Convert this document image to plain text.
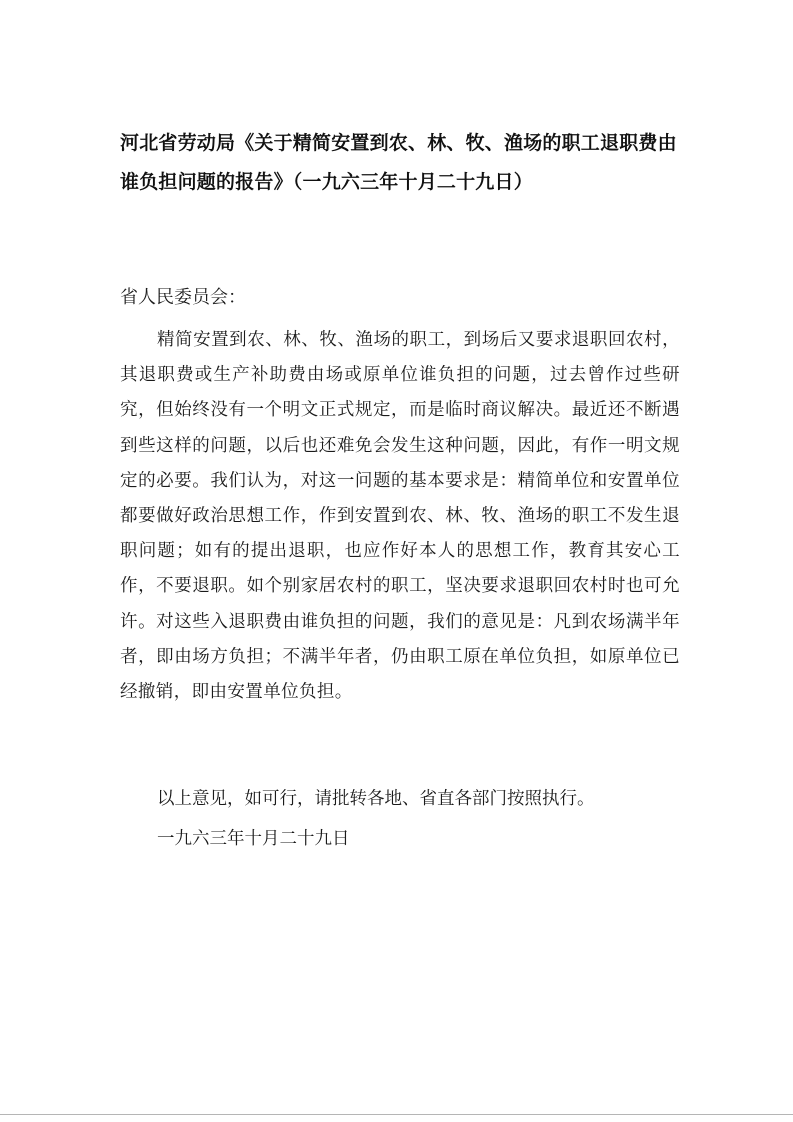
河北省劳动局《关于精简安置到农、林、牧、渔场的职工退职费由谁负担问题的报告》（一九六三年十月二十九日）

省人民委员会：

精简安置到农、林、牧、渔场的职工，到场后又要求退职回农村，其退职费或生产补助费由场或原单位谁负担的问题，过去曾作过些研究，但始终没有一个明文正式规定，而是临时商议解决。最近还不断遇到些这样的问题，以后也还难免会发生这种问题，因此，有作一明文规定的必要。我们认为，对这一问题的基本要求是：精简单位和安置单位都要做好政治思想工作，作到安置到农、林、牧、渔场的职工不发生退职问题；如有的提出退职，也应作好本人的思想工作，教育其安心工作，不要退职。如个别家居农村的职工，坚决要求退职回农村时也可允许。对这些入退职费由谁负担的问题，我们的意见是：凡到农场满半年者，即由场方负担；不满半年者，仍由职工原在单位负担，如原单位已经撤销，即由安置单位负担。

以上意见，如可行，请批转各地、省直各部门按照执行。

一九六三年十月二十九日
